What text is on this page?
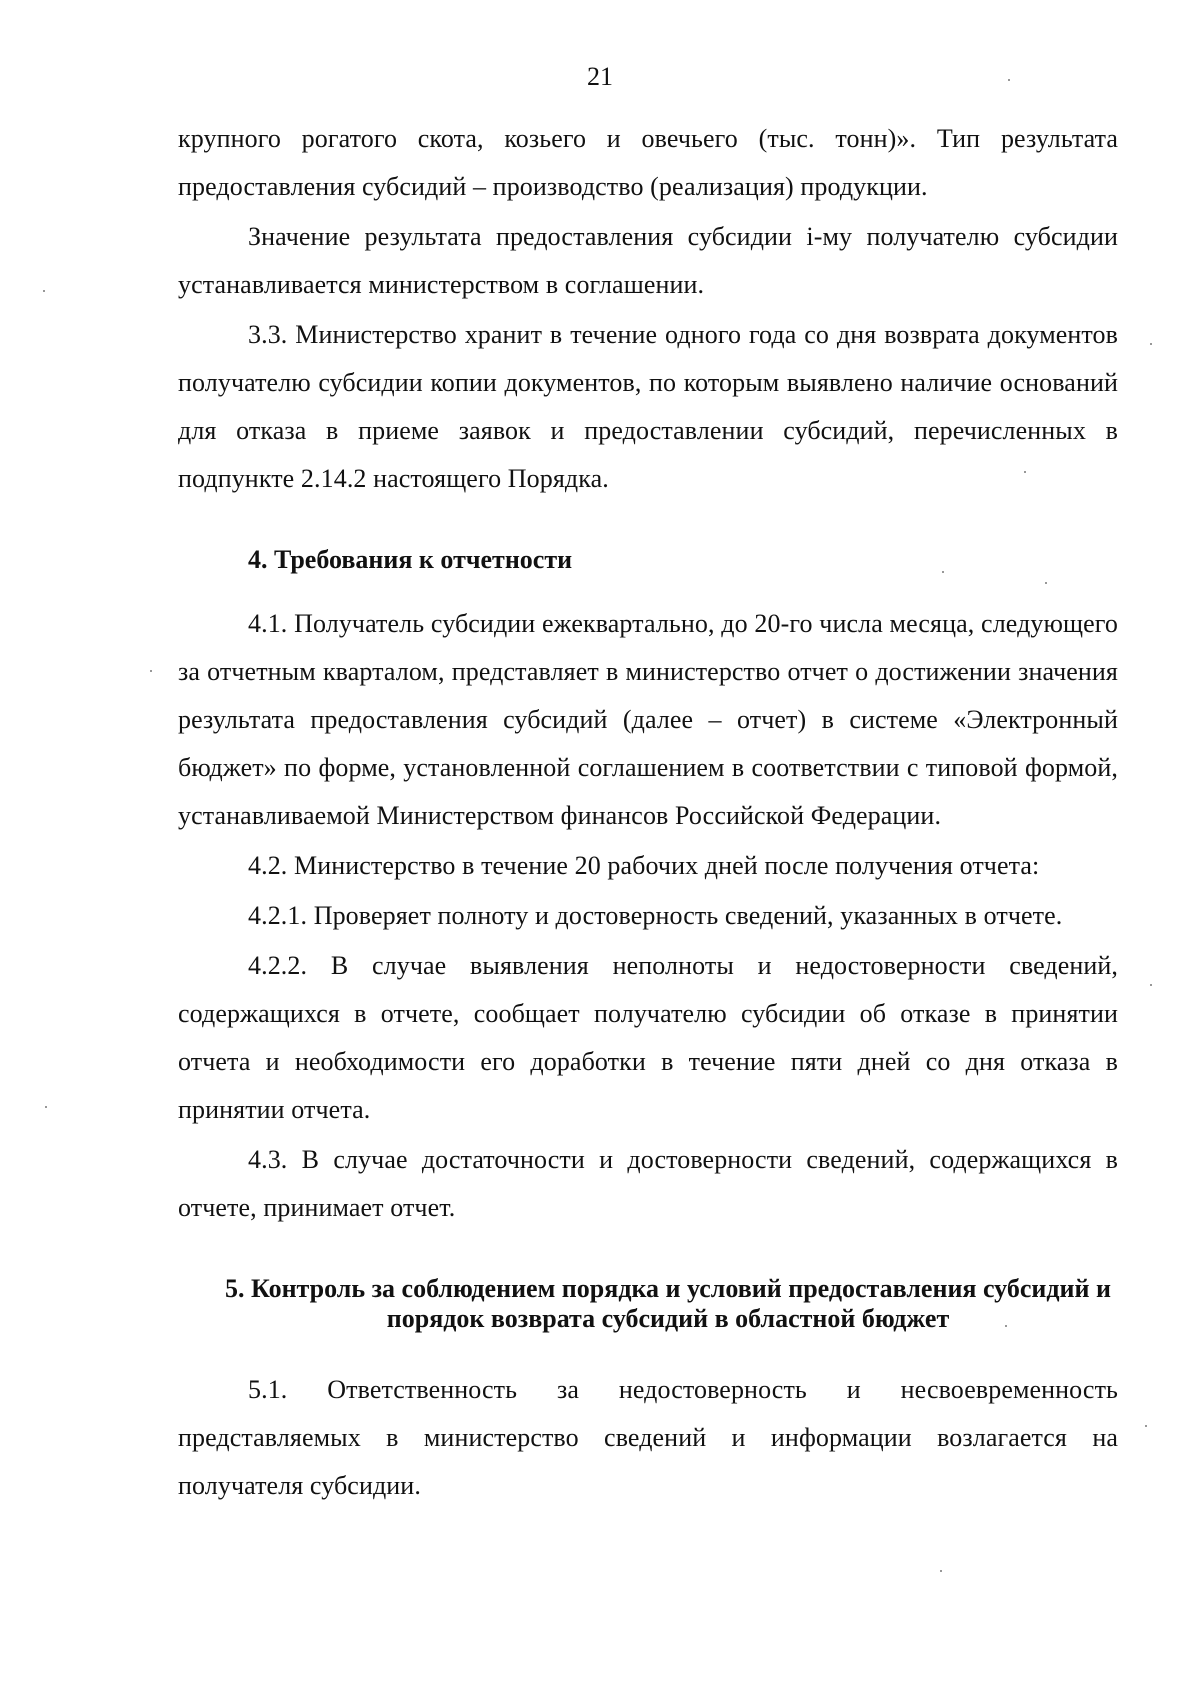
21

крупного рогатого скота, козьего и овечьего (тыс. тонн)». Тип результата предоставления субсидий – производство (реализация) продукции.

Значение результата предоставления субсидии i-му получателю субсидии устанавливается министерством в соглашении.

3.3. Министерство хранит в течение одного года со дня возврата документов получателю субсидии копии документов, по которым выявлено наличие оснований для отказа в приеме заявок и предоставлении субсидий, перечисленных в подпункте 2.14.2 настоящего Порядка.

4. Требования к отчетности

4.1. Получатель субсидии ежеквартально, до 20-го числа месяца, следующего за отчетным кварталом, представляет в министерство отчет о достижении значения результата предоставления субсидий (далее – отчет) в системе «Электронный бюджет» по форме, установленной соглашением в соответствии с типовой формой, устанавливаемой Министерством финансов Российской Федерации.

4.2. Министерство в течение 20 рабочих дней после получения отчета:

4.2.1. Проверяет полноту и достоверность сведений, указанных в отчете.

4.2.2. В случае выявления неполноты и недостоверности сведений, содержащихся в отчете, сообщает получателю субсидии об отказе в принятии отчета и необходимости его доработки в течение пяти дней со дня отказа в принятии отчета.

4.3. В случае достаточности и достоверности сведений, содержащихся в отчете, принимает отчет.

5. Контроль за соблюдением порядка и условий предоставления субсидий и порядок возврата субсидий в областной бюджет

5.1. Ответственность за недостоверность и несвоевременность представляемых в министерство сведений и информации возлагается на получателя субсидии.
